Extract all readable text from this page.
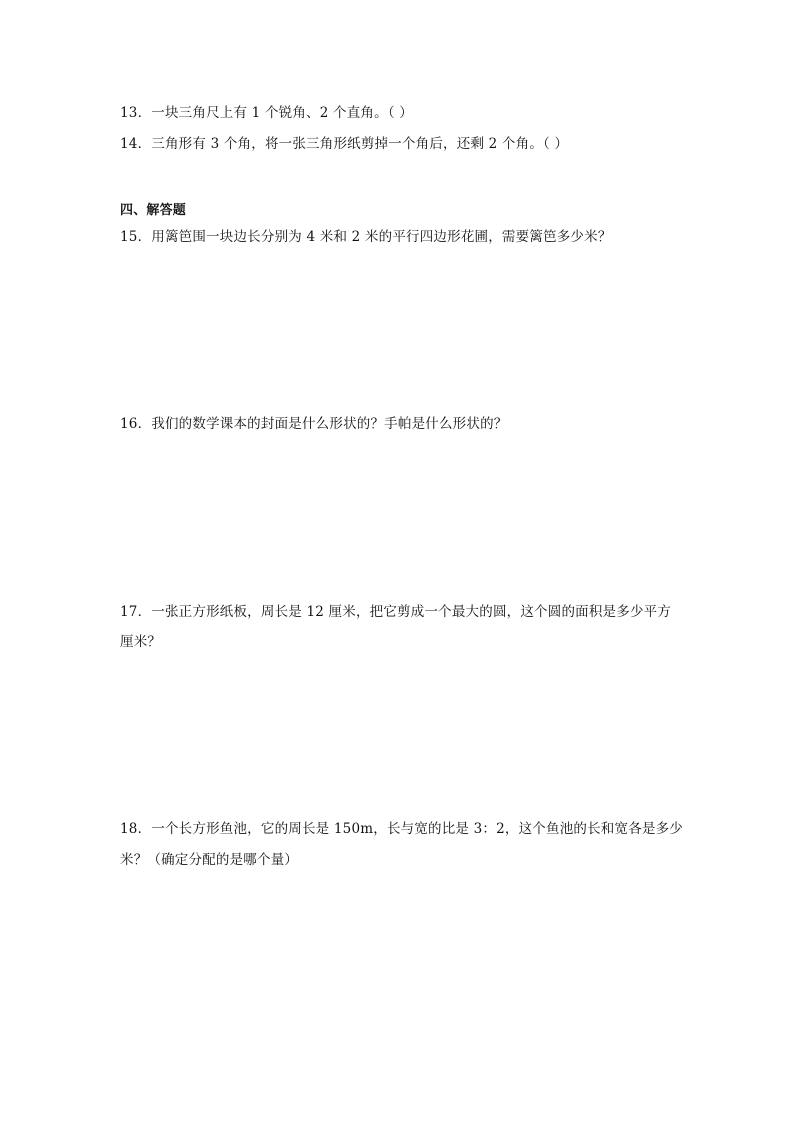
13．一块三角尺上有 1 个锐角、2 个直角。（ ）
14．三角形有 3 个角，将一张三角形纸剪掉一个角后，还剩 2 个角。（ ）
四、解答题
15．用篱笆围一块边长分别为 4 米和 2 米的平行四边形花圃，需要篱笆多少米？
16．我们的数学课本的封面是什么形状的？手帕是什么形状的？
17．一张正方形纸板，周长是 12 厘米，把它剪成一个最大的圆，这个圆的面积是多少平方
厘米？
18．一个长方形鱼池，它的周长是 150m，长与宽的比是 3：2，这个鱼池的长和宽各是多少
米？（确定分配的是哪个量）
